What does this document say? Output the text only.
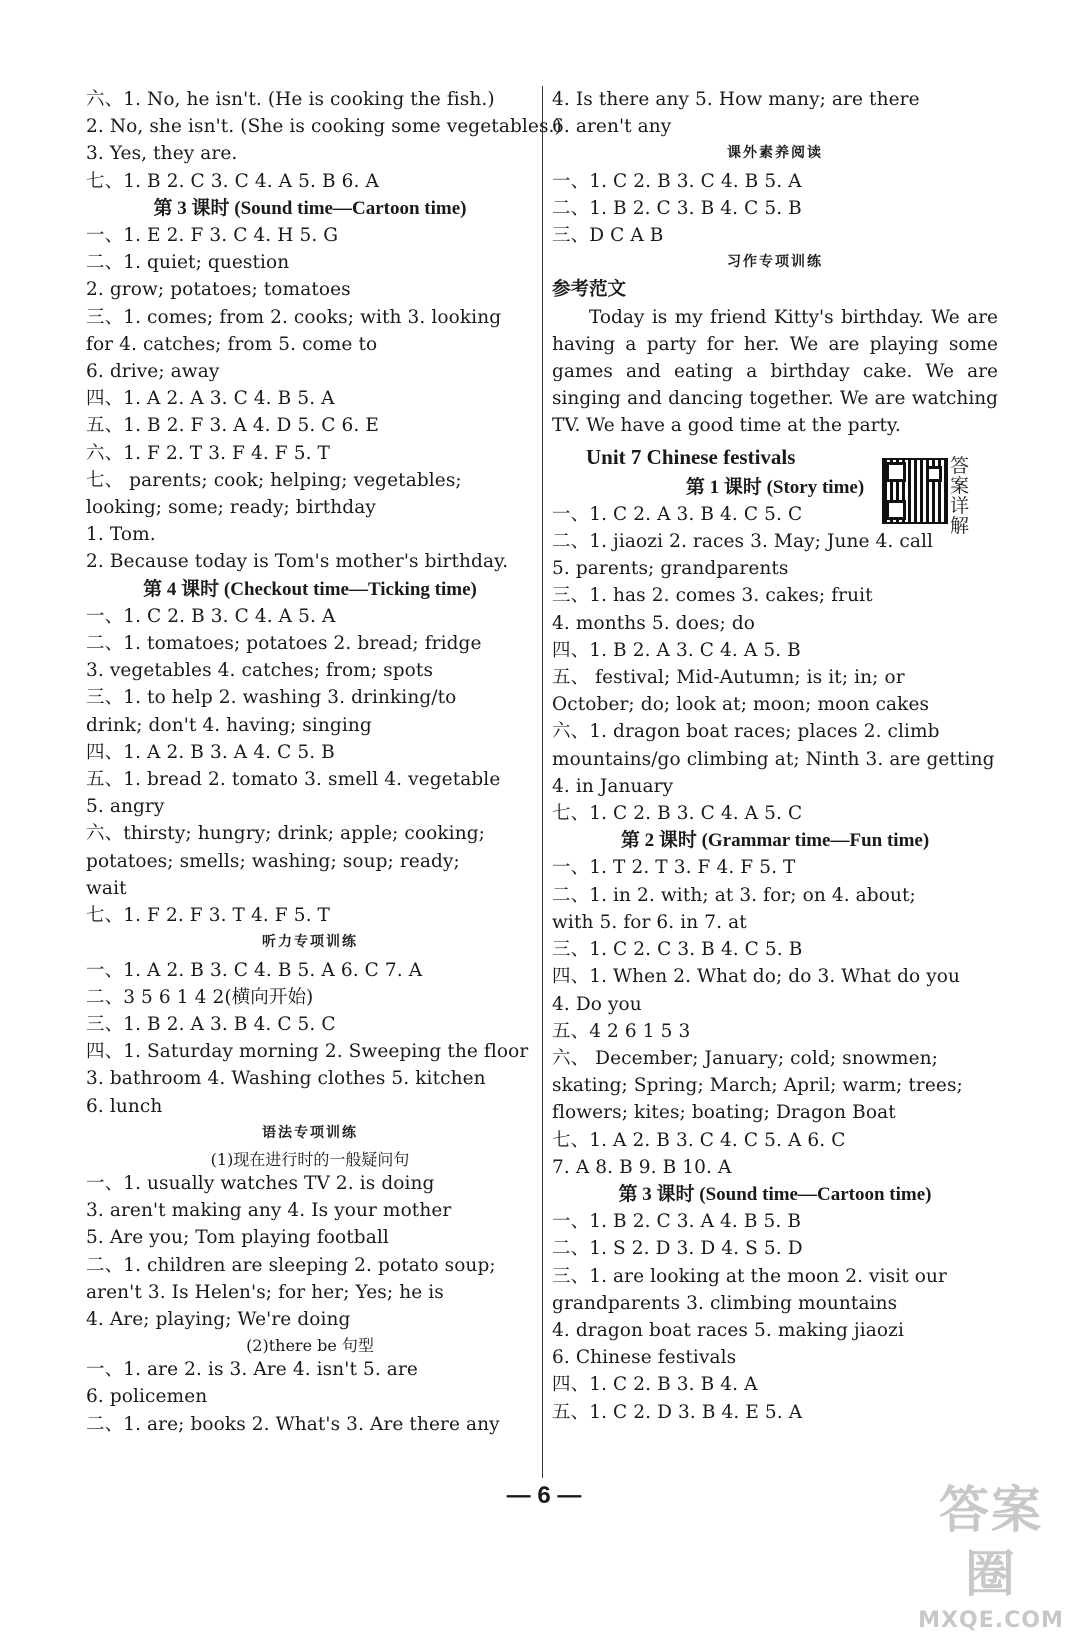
六、1. No, he isn't. (He is cooking the fish.)
2. No, she isn't. (She is cooking some vegetables.)
3. Yes, they are.
七、1. B 2. C 3. C 4. A 5. B 6. A
第 3 课时 (Sound time—Cartoon time)
一、1. E 2. F 3. C 4. H 5. G
二、1. quiet; question
2. grow; potatoes; tomatoes
三、1. comes; from 2. cooks; with 3. looking
for 4. catches; from 5. come to
6. drive; away
四、1. A 2. A 3. C 4. B 5. A
五、1. B 2. F 3. A 4. D 5. C 6. E
六、1. F 2. T 3. F 4. F 5. T
七、 parents; cook; helping; vegetables;
looking; some; ready; birthday
1. Tom.
2. Because today is Tom's mother's birthday.
第 4 课时 (Checkout time—Ticking time)
一、1. C 2. B 3. C 4. A 5. A
二、1. tomatoes; potatoes 2. bread; fridge
3. vegetables 4. catches; from; spots
三、1. to help 2. washing 3. drinking/to
drink; don't 4. having; singing
四、1. A 2. B 3. A 4. C 5. B
五、1. bread 2. tomato 3. smell 4. vegetable
5. angry
六、thirsty; hungry; drink; apple; cooking;
potatoes; smells; washing; soup; ready;
wait
七、1. F 2. F 3. T 4. F 5. T
听力专项训练
一、1. A 2. B 3. C 4. B 5. A 6. C 7. A
二、3 5 6 1 4 2(横向开始)
三、1. B 2. A 3. B 4. C 5. C
四、1. Saturday morning 2. Sweeping the floor
3. bathroom 4. Washing clothes 5. kitchen
6. lunch
语法专项训练
(1)现在进行时的一般疑问句
一、1. usually watches TV 2. is doing
3. aren't making any 4. Is your mother
5. Are you; Tom playing football
二、1. children are sleeping 2. potato soup;
aren't 3. Is Helen's; for her; Yes; he is
4. Are; playing; We're doing
(2)there be 句型
一、1. are 2. is 3. Are 4. isn't 5. are
6. policemen
二、1. are; books 2. What's 3. Are there any
4. Is there any 5. How many; are there
6. aren't any
课外素养阅读
一、1. C 2. B 3. C 4. B 5. A
二、1. B 2. C 3. B 4. C 5. B
三、D C A B
习作专项训练
参考范文
Today is my friend Kitty's birthday. We are having a party for her. We are playing some games and eating a birthday cake. We are singing and dancing together. We are watching TV. We have a good time at the party.
Unit 7 Chinese festivals
第 1 课时 (Story time)
一、1. C 2. A 3. B 4. C 5. C
二、1. jiaozi 2. races 3. May; June 4. call
5. parents; grandparents
三、1. has 2. comes 3. cakes; fruit
4. months 5. does; do
四、1. B 2. A 3. C 4. A 5. B
五、 festival; Mid-Autumn; is it; in; or
October; do; look at; moon; moon cakes
六、1. dragon boat races; places 2. climb
mountains/go climbing at; Ninth 3. are getting
4. in January
七、1. C 2. B 3. C 4. A 5. C
第 2 课时 (Grammar time—Fun time)
一、1. T 2. T 3. F 4. F 5. T
二、1. in 2. with; at 3. for; on 4. about;
with 5. for 6. in 7. at
三、1. C 2. C 3. B 4. C 5. B
四、1. When 2. What do; do 3. What do you
4. Do you
五、4 2 6 1 5 3
六、 December; January; cold; snowmen;
skating; Spring; March; April; warm; trees;
flowers; kites; boating; Dragon Boat
七、1. A 2. B 3. C 4. C 5. A 6. C
7. A 8. B 9. B 10. A
第 3 课时 (Sound time—Cartoon time)
一、1. B 2. C 3. A 4. B 5. B
二、1. S 2. D 3. D 4. S 5. D
三、1. are looking at the moon 2. visit our
grandparents 3. climbing mountains
4. dragon boat races 5. making jiaozi
6. Chinese festivals
四、1. C 2. B 3. B 4. A
五、1. C 2. D 3. B 4. E 5. A
答案详解
— 6 —	答案圈
MXQE.COM
